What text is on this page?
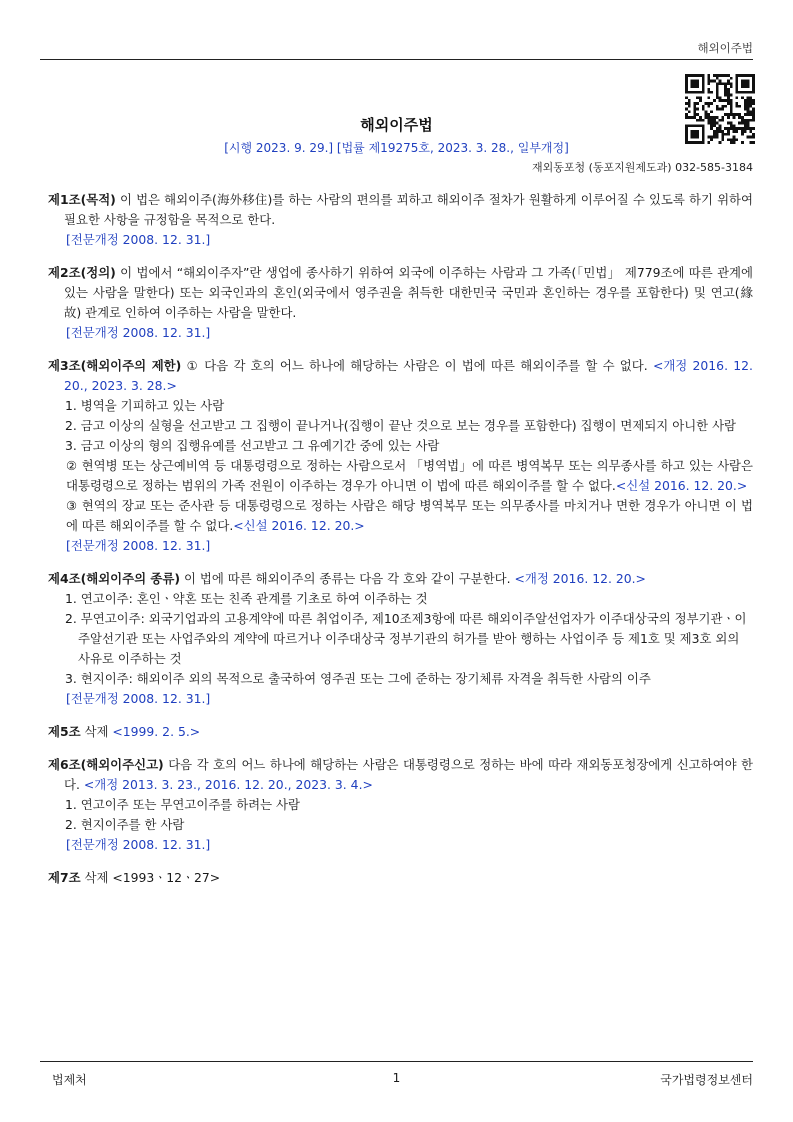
해외이주법
해외이주법
[시행 2023. 9. 29.] [법률 제19275호, 2023. 3. 28., 일부개정]
재외동포청 (동포지원제도과) 032-585-3184
제1조(목적) 이 법은 해외이주(海外移住)를 하는 사람의 편의를 꾀하고 해외이주 절차가 원활하게 이루어질 수 있도록 하기 위하여 필요한 사항을 규정함을 목적으로 한다.
[전문개정 2008. 12. 31.]
제2조(정의) 이 법에서 “해외이주자”란 생업에 종사하기 위하여 외국에 이주하는 사람과 그 가족(「민법」 제779조에 따른 관계에 있는 사람을 말한다) 또는 외국인과의 혼인(외국에서 영주권을 취득한 대한민국 국민과 혼인하는 경우를 포함한다) 및 연고(緣故) 관계로 인하여 이주하는 사람을 말한다.
[전문개정 2008. 12. 31.]
제3조(해외이주의 제한) ① 다음 각 호의 어느 하나에 해당하는 사람은 이 법에 따른 해외이주를 할 수 없다. <개정 2016. 12. 20., 2023. 3. 28.>
1. 병역을 기피하고 있는 사람
2. 금고 이상의 실형을 선고받고 그 집행이 끝나거나(집행이 끝난 것으로 보는 경우를 포함한다) 집행이 면제되지 아니한 사람
3. 금고 이상의 형의 집행유예를 선고받고 그 유예기간 중에 있는 사람
② 현역병 또는 상근예비역 등 대통령령으로 정하는 사람으로서 「병역법」에 따른 병역복무 또는 의무종사를 하고 있는 사람은 대통령령으로 정하는 범위의 가족 전원이 이주하는 경우가 아니면 이 법에 따른 해외이주를 할 수 없다.<신설 2016. 12. 20.>
③ 현역의 장교 또는 준사관 등 대통령령으로 정하는 사람은 해당 병역복무 또는 의무종사를 마치거나 면한 경우가 아니면 이 법에 따른 해외이주를 할 수 없다.<신설 2016. 12. 20.>
[전문개정 2008. 12. 31.]
제4조(해외이주의 종류) 이 법에 따른 해외이주의 종류는 다음 각 호와 같이 구분한다. <개정 2016. 12. 20.>
1. 연고이주: 혼인ㆍ약혼 또는 친족 관계를 기초로 하여 이주하는 것
2. 무연고이주: 외국기업과의 고용계약에 따른 취업이주, 제10조제3항에 따른 해외이주알선업자가 이주대상국의 정부기관ㆍ이주알선기관 또는 사업주와의 계약에 따르거나 이주대상국 정부기관의 허가를 받아 행하는 사업이주 등 제1호 및 제3호 외의 사유로 이주하는 것
3. 현지이주: 해외이주 외의 목적으로 출국하여 영주권 또는 그에 준하는 장기체류 자격을 취득한 사람의 이주
[전문개정 2008. 12. 31.]
제5조 삭제 <1999. 2. 5.>
제6조(해외이주신고) 다음 각 호의 어느 하나에 해당하는 사람은 대통령령으로 정하는 바에 따라 재외동포청장에게 신고하여야 한다. <개정 2013. 3. 23., 2016. 12. 20., 2023. 3. 4.>
1. 연고이주 또는 무연고이주를 하려는 사람
2. 현지이주를 한 사람
[전문개정 2008. 12. 31.]
제7조 삭제 <1993ㆍ12ㆍ27>
법제처	1	국가법령정보센터
